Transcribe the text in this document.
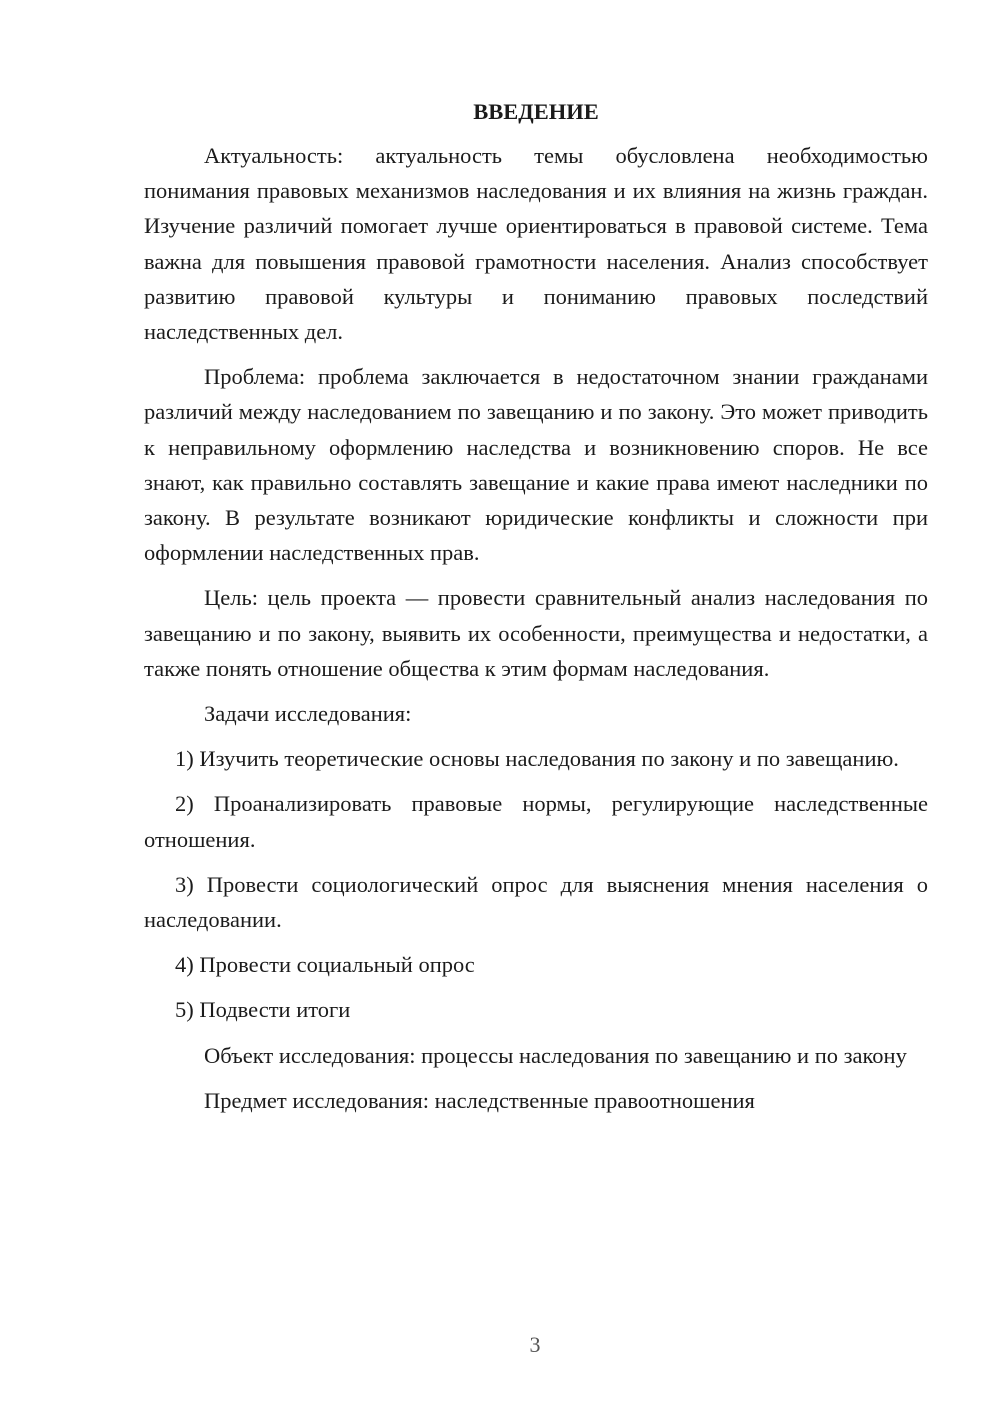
ВВЕДЕНИЕ

Актуальность: актуальность темы обусловлена необходимостью понимания правовых механизмов наследования и их влияния на жизнь граждан. Изучение различий помогает лучше ориентироваться в правовой системе. Тема важна для повышения правовой грамотности населения. Анализ способствует развитию правовой культуры и пониманию правовых последствий наследственных дел.

Проблема: проблема заключается в недостаточном знании гражданами различий между наследованием по завещанию и по закону. Это может приводить к неправильному оформлению наследства и возникновению споров. Не все знают, как правильно составлять завещание и какие права имеют наследники по закону. В результате возникают юридические конфликты и сложности при оформлении наследственных прав.

Цель: цель проекта — провести сравнительный анализ наследования по завещанию и по закону, выявить их особенности, преимущества и недостатки, а также понять отношение общества к этим формам наследования.

Задачи исследования:

1) Изучить теоретические основы наследования по закону и по завещанию.

2) Проанализировать правовые нормы, регулирующие наследственные отношения.

3) Провести социологический опрос для выяснения мнения населения о наследовании.

4) Провести социальный опрос

5) Подвести итоги

Объект исследования: процессы наследования по завещанию и по закону

Предмет исследования: наследственные правоотношения

3
